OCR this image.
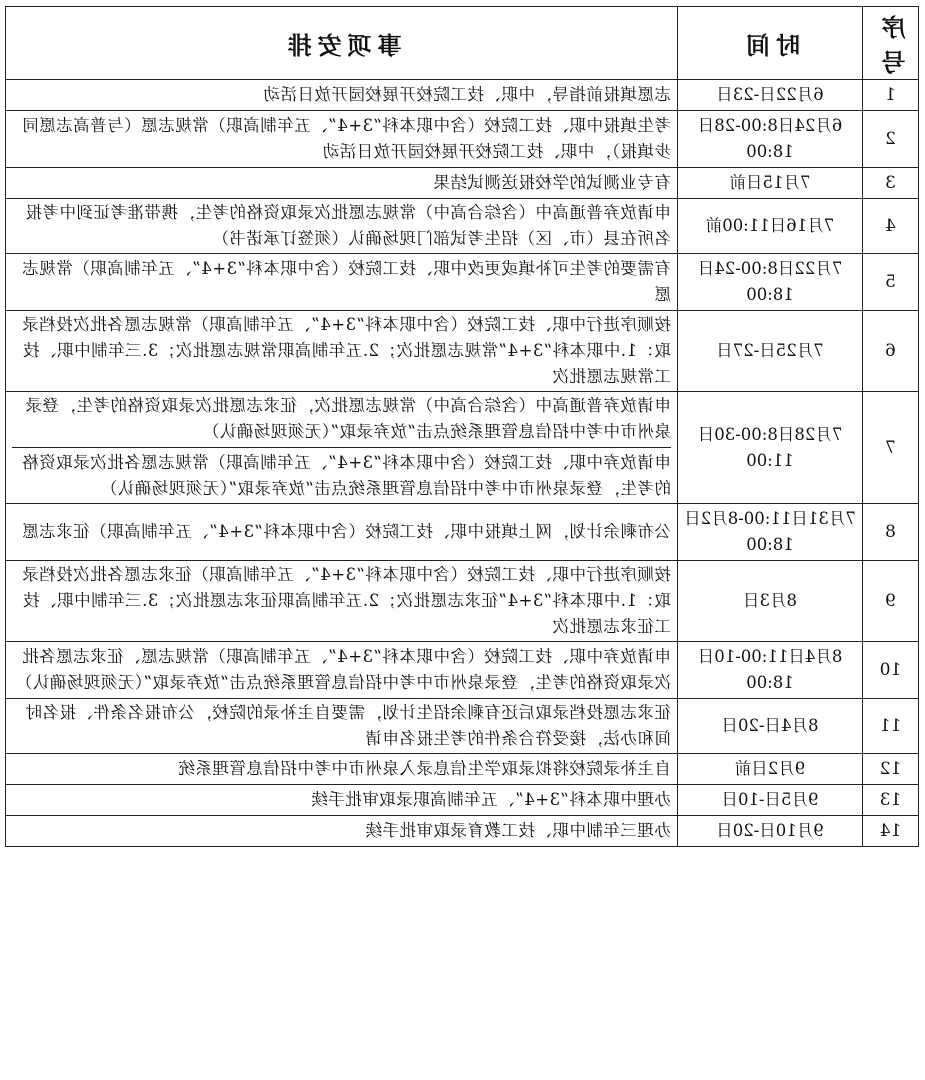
序号	时间	事项安排
1	6月22日-23日	志愿填报前指导，中职、技工院校开展校园开放日活动
2	6月24日8:00-28日18:00	考生填报中职、技工院校（含中职本科“3+4”、五年制高职）常规志愿（与普高志愿同步填报），中职、技工院校开展校园开放日活动
3	7月15日前	有专业测试的学校报送测试结果
4	7月16日11:00前	申请放弃普通高中（含综合高中）常规志愿批次录取资格的考生，携带准考证到中考报名所在县（市、区）招生考试部门现场确认（须签订承诺书）
5	7月22日8:00-24日18:00	有需要的考生可补填或更改中职、技工院校（含中职本科“3+4”、五年制高职）常规志愿
6	7月25日-27日	按顺序进行中职、技工院校（含中职本科“3+4”、五年制高职）常规志愿各批次投档录取：1.中职本科“3+4”常规志愿批次；2.五年制高职常规志愿批次；3.三年制中职、技工常规志愿批次
7	7月28日8:00-30日11:00	申请放弃普通高中（含综合高中）常规志愿批次，征求志愿批次录取资格的考生，登录泉州市中考中招信息管理系统点击“放弃录取”（无须现场确认）
申请放弃中职、技工院校（含中职本科“3+4”、五年制高职）常规志愿各批次录取资格的考生，登录泉州市中考中招信息管理系统点击“放弃录取”（无须现场确认）

8	7月31日11:00-8月2日18:00	公布剩余计划，网上填报中职、技工院校（含中职本科“3+4”、五年制高职）征求志愿
9	8月3日	按顺序进行中职、技工院校（含中职本科“3+4”、五年制高职）征求志愿各批次投档录取：1.中职本科“3+4”征求志愿批次；2.五年制高职征求志愿批次；3.三年制中职、技工征求志愿批次
10	8月4日11:00-10日18:00	申请放弃中职、技工院校（含中职本科“3+4”、五年制高职）常规志愿、征求志愿各批次录取资格的考生，登录泉州市中考中招信息管理系统点击“放弃录取”（无须现场确认）
11	8月4日-20日	征求志愿投档录取后还有剩余招生计划，需要自主补录的院校，公布报名条件、报名时间和办法，接受符合条件的考生报名申请
12	9月2日前	自主补录院校将拟录取学生信息录入泉州市中考中招信息管理系统
13	9月5日-10日	办理中职本科“3+4”、五年制高职录取审批手续
14	9月10日-20日	办理三年制中职、技工教育录取审批手续
